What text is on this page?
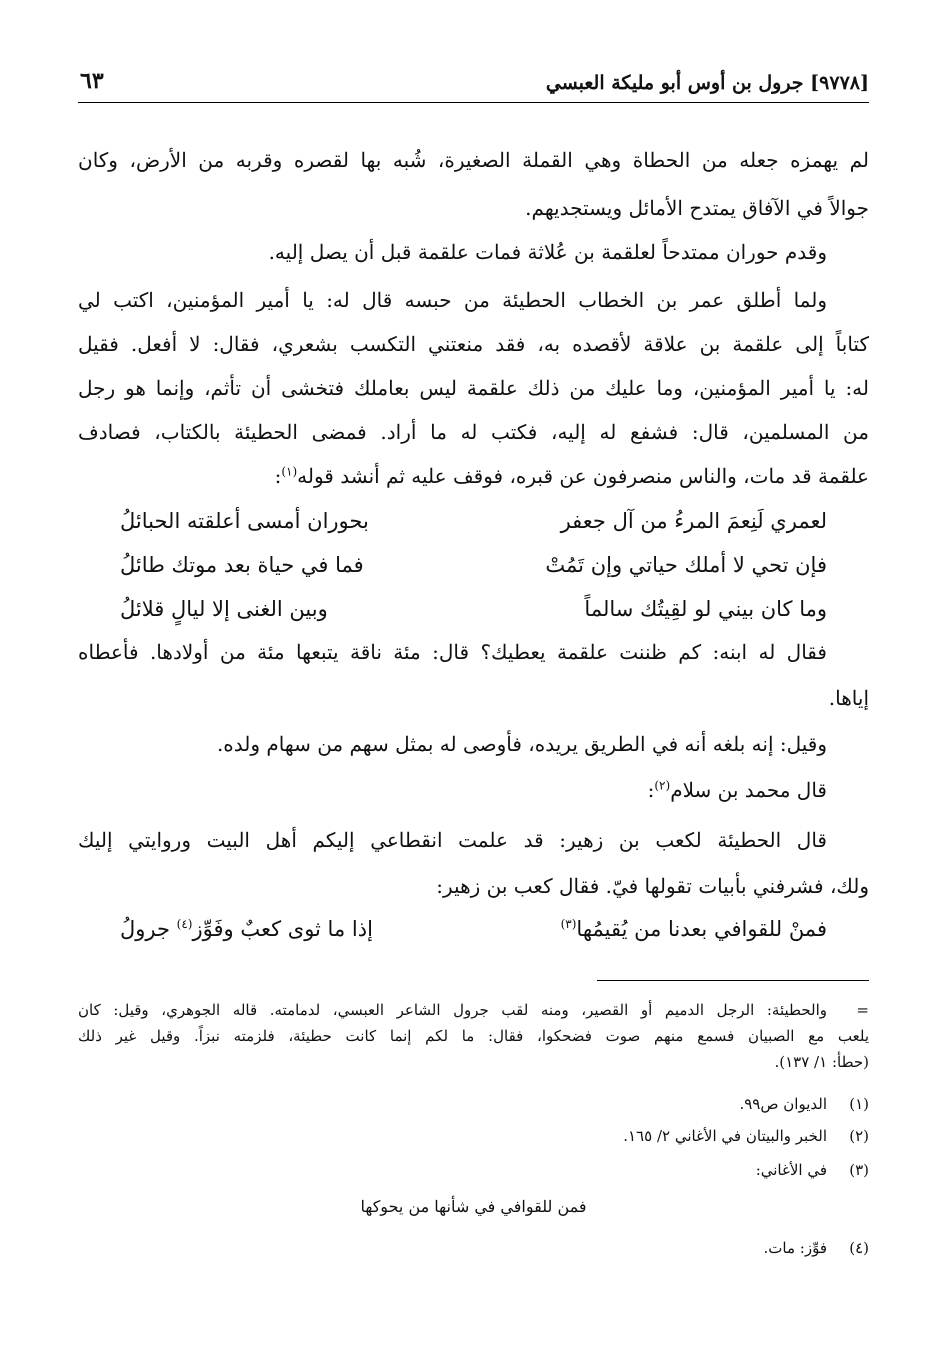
[٩٧٧٨] جرول بن أوس أبو مليكة العبسي
٦٣
لم يهمزه جعله من الحطاة وهي القملة الصغيرة، شُبه بها لقصره وقربه من الأرض، وكان
جوالاً في الآفاق يمتدح الأمائل ويستجديهم.
وقدم حوران ممتدحاً لعلقمة بن عُلاثة فمات علقمة قبل أن يصل إليه.
ولما أطلق عمر بن الخطاب الحطيئة من حبسه قال له: يا أمير المؤمنين، اكتب لي
كتاباً إلى علقمة بن علاقة لأقصده به، فقد منعتني التكسب بشعري، فقال: لا أفعل. فقيل
له: يا أمير المؤمنين، وما عليك من ذلك علقمة ليس بعاملك فتخشى أن تأثم، وإنما هو رجل
من المسلمين، قال: فشفع له إليه، فكتب له ما أراد. فمضى الحطيئة بالكتاب، فصادف
علقمة قد مات، والناس منصرفون عن قبره، فوقف عليه ثم أنشد قوله$^{(١)}$:
لعمري لَنِعمَ المرءُ من آل جعفر
بحوران أمسى أعلقته الحبائلُ
فإن تحي لا أملك حياتي وإن تَمُتْ
فما في حياة بعد موتك طائلُ
وما كان بيني لو لقِيتُك سالماً
وبين الغنى إلا ليالٍ قلائلُ
فقال له ابنه: كم ظننت علقمة يعطيك؟ قال: مئة ناقة يتبعها مئة من أولادها. فأعطاه
إياها.
وقيل: إنه بلغه أنه في الطريق يريده، فأوصى له بمثل سهم من سهام ولده.
قال محمد بن سلام$^{(٢)}$:
قال الحطيئة لكعب بن زهير: قد علمت انقطاعي إليكم أهل البيت وروايتي إليك
ولك، فشرفني بأبيات تقولها فيّ. فقال كعب بن زهير:
فمنْ للقوافي بعدنا من يُقيمُها$^{(٣)}$
إذا ما ثوى كعبٌ وفَوِّز$^{(٤)}$ جرولُ
=
والحطيئة: الرجل الدميم أو القصير، ومنه لقب جرول الشاعر العبسي، لدمامته. قاله الجوهري، وقيل: كان
يلعب مع الصبيان فسمع منهم صوت فضحكوا، فقال: ما لكم إنما كانت حطيئة، فلزمته نبزاً. وقيل غير ذلك
(حطأ: ١/ ١٣٧).
(١)
الديوان ص٩٩.
(٢)
الخبر والبيتان في الأغاني ٢/ ١٦٥.
(٣)
في الأغاني:
فمن للقوافي في شأنها من يحوكها
(٤)
فوِّز: مات.
